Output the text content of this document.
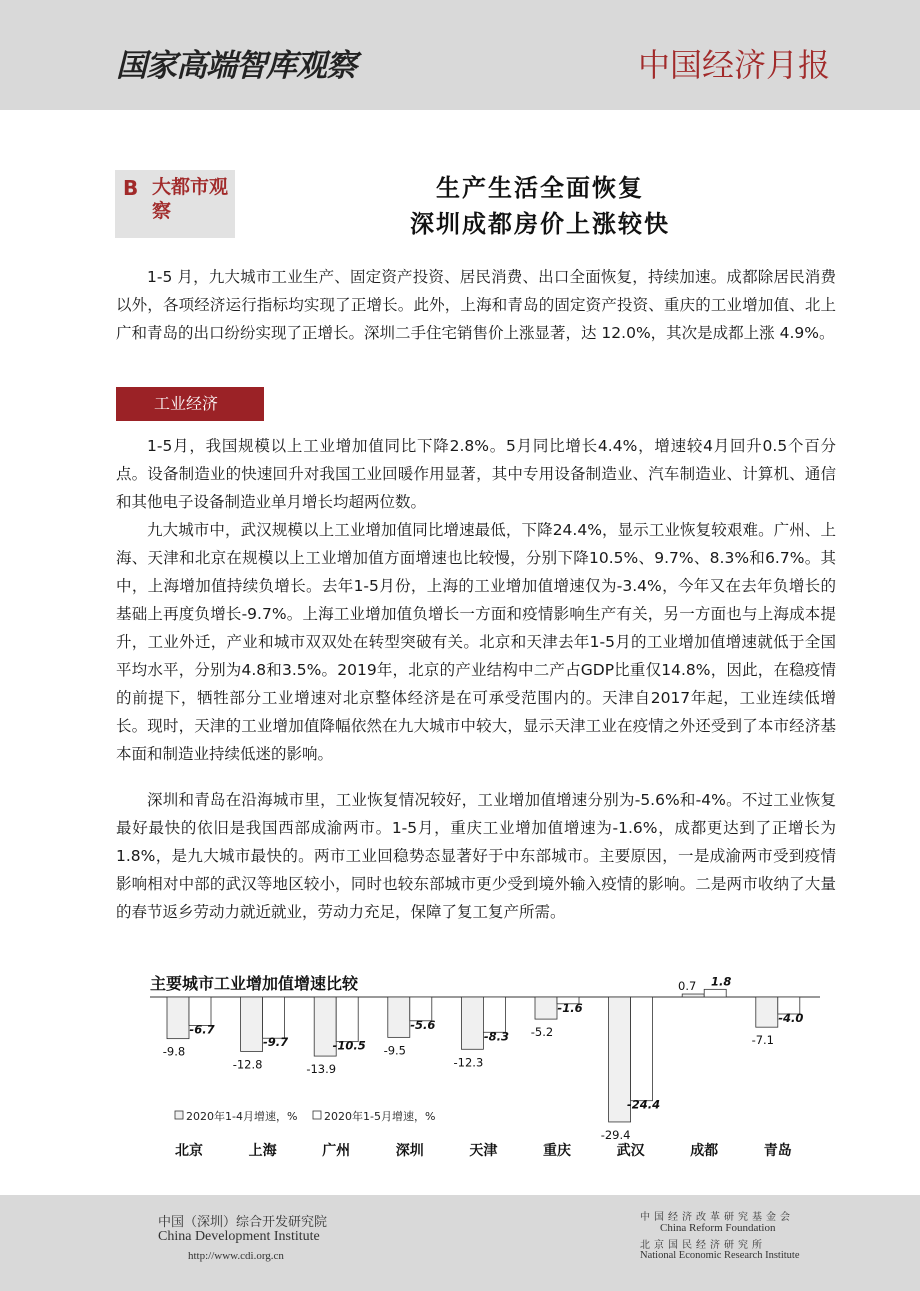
国家高端智库观察	中国经济月报
B 大都市观察
生产生活全面恢复
深圳成都房价上涨较快
1-5 月，九大城市工业生产、固定资产投资、居民消费、出口全面恢复，持续加速。成都除居民消费以外，各项经济运行指标均实现了正增长。此外，上海和青岛的固定资产投资、重庆的工业增加值、北上广和青岛的出口纷纷实现了正增长。深圳二手住宅销售价上涨显著，达 12.0%，其次是成都上涨 4.9%。
工业经济
1-5月，我国规模以上工业增加值同比下降2.8%。5月同比增长4.4%，增速较4月回升0.5个百分点。设备制造业的快速回升对我国工业回暖作用显著，其中专用设备制造业、汽车制造业、计算机、通信和其他电子设备制造业单月增长均超两位数。
九大城市中，武汉规模以上工业增加值同比增速最低，下降24.4%，显示工业恢复较艰难。广州、上海、天津和北京在规模以上工业增加值方面增速也比较慢，分别下降10.5%、9.7%、8.3%和6.7%。其中，上海增加值持续负增长。去年1-5月份，上海的工业增加值增速仅为-3.4%，今年又在去年负增长的基础上再度负增长-9.7%。上海工业增加值负增长一方面和疫情影响生产有关，另一方面也与上海成本提升，工业外迁，产业和城市双双处在转型突破有关。北京和天津去年1-5月的工业增加值增速就低于全国平均水平，分别为4.8和3.5%。2019年，北京的产业结构中二产占GDP比重仅14.8%，因此，在稳疫情的前提下，牺牲部分工业增速对北京整体经济是在可承受范围内的。天津自2017年起，工业连续低增长。现时，天津的工业增加值降幅依然在九大城市中较大，显示天津工业在疫情之外还受到了本市经济基本面和制造业持续低迷的影响。
深圳和青岛在沿海城市里，工业恢复情况较好，工业增加值增速分别为-5.6%和-4%。不过工业恢复最好最快的依旧是我国西部成渝两市。1-5月，重庆工业增加值增速为-1.6%，成都更达到了正增长为1.8%，是九大城市最快的。两市工业回稳势态显著好于中东部城市。主要原因，一是成渝两市受到疫情影响相对中部的武汉等地区较小，同时也较东部城市更少受到境外输入疫情的影响。二是两市收纳了大量的春节返乡劳动力就近就业，劳动力充足，保障了复工复产所需。
主要城市工业增加值增速比较
-9.8
-6.7
北京
-12.8
-9.7
上海
-13.9
-10.5
广州
-9.5
-5.6
深圳
-12.3
-8.3
天津
-5.2
-1.6
重庆
-29.4
-24.4
武汉
0.7 1.8
成都
-7.1
-4.0
青岛
2020年1-4月增速，% 2020年1-5月增速，%
中国（深圳）综合开发研究院
China Development Institute
http://www.cdi.org.cn
中国经济改革研究基金会
China Reform Foundation
北京国民经济研究所
National Economic Research Institute
